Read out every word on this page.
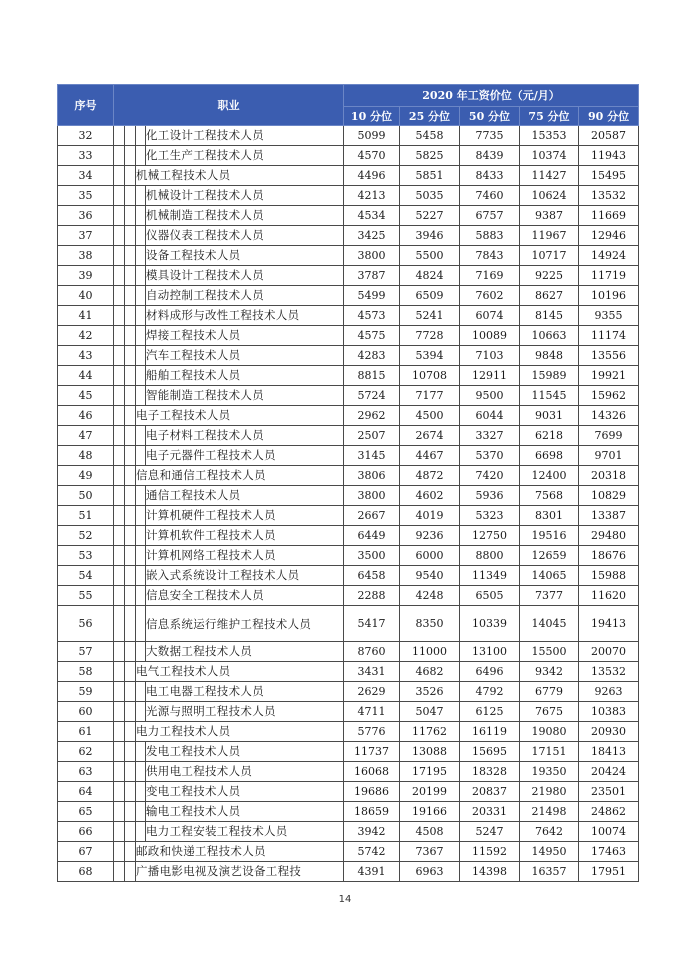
序号	职业				2020 年工资价位（元/月）				
					10 分位	25 分位	50 分位	75 分位	90 分位
32				化工设计工程技术人员	5099	5458	7735	15353	20587
33				化工生产工程技术人员	4570	5825	8439	10374	11943
34			机械工程技术人员		4496	5851	8433	11427	15495
35				机械设计工程技术人员	4213	5035	7460	10624	13532
36				机械制造工程技术人员	4534	5227	6757	9387	11669
37				仪器仪表工程技术人员	3425	3946	5883	11967	12946
38				设备工程技术人员	3800	5500	7843	10717	14924
39				模具设计工程技术人员	3787	4824	7169	9225	11719
40				自动控制工程技术人员	5499	6509	7602	8627	10196
41				材料成形与改性工程技术人员	4573	5241	6074	8145	9355
42				焊接工程技术人员	4575	7728	10089	10663	11174
43				汽车工程技术人员	4283	5394	7103	9848	13556
44				船舶工程技术人员	8815	10708	12911	15989	19921
45				智能制造工程技术人员	5724	7177	9500	11545	15962
46			电子工程技术人员		2962	4500	6044	9031	14326
47				电子材料工程技术人员	2507	2674	3327	6218	7699
48				电子元器件工程技术人员	3145	4467	5370	6698	9701
49			信息和通信工程技术人员		3806	4872	7420	12400	20318
50				通信工程技术人员	3800	4602	5936	7568	10829
51				计算机硬件工程技术人员	2667	4019	5323	8301	13387
52				计算机软件工程技术人员	6449	9236	12750	19516	29480
53				计算机网络工程技术人员	3500	6000	8800	12659	18676
54				嵌入式系统设计工程技术人员	6458	9540	11349	14065	15988
55				信息安全工程技术人员	2288	4248	6505	7377	11620
56				信息系统运行维护工程技术人员	5417	8350	10339	14045	19413
57				大数据工程技术人员	8760	11000	13100	15500	20070
58			电气工程技术人员		3431	4682	6496	9342	13532
59				电工电器工程技术人员	2629	3526	4792	6779	9263
60				光源与照明工程技术人员	4711	5047	6125	7675	10383
61			电力工程技术人员		5776	11762	16119	19080	20930
62				发电工程技术人员	11737	13088	15695	17151	18413
63				供用电工程技术人员	16068	17195	18328	19350	20424
64				变电工程技术人员	19686	20199	20837	21980	23501
65				输电工程技术人员	18659	19166	20331	21498	24862
66				电力工程安装工程技术人员	3942	4508	5247	7642	10074
67			邮政和快递工程技术人员		5742	7367	11592	14950	17463
68			广播电影电视及演艺设备工程技		4391	6963	14398	16357	17951
14
